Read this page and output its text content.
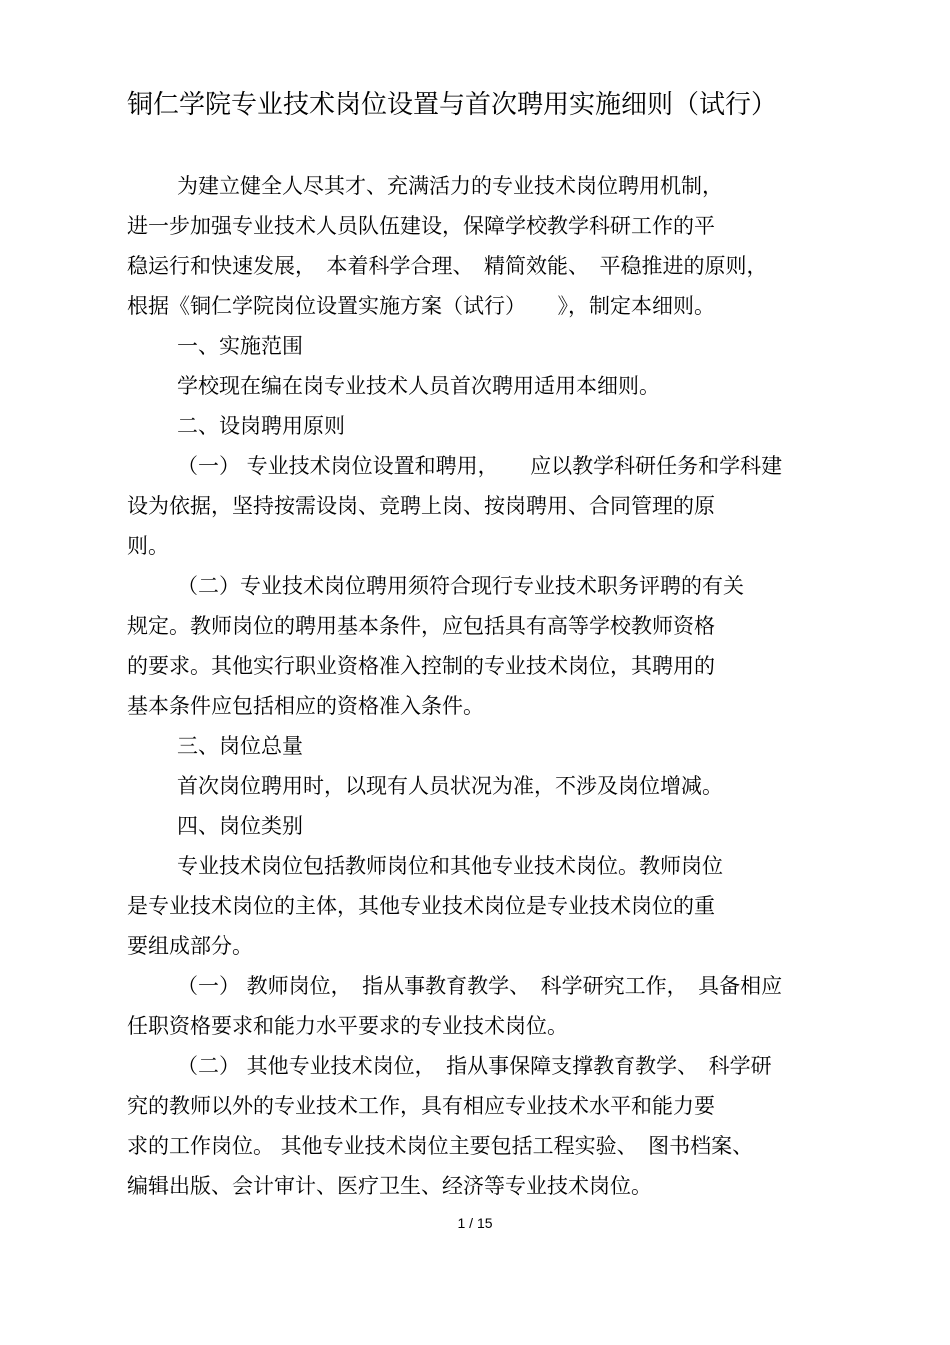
铜仁学院专业技术岗位设置与首次聘用实施细则（试行）
为建立健全人尽其才、充满活力的专业技术岗位聘用机制，
进一步加强专业技术人员队伍建设，保障学校教学科研工作的平
稳运行和快速发展，　本着科学合理、　精简效能、　平稳推进的原则，
根据《铜仁学院岗位设置实施方案（试行）　　》，制定本细则。
一、实施范围
学校现在编在岗专业技术人员首次聘用适用本细则。
二、设岗聘用原则
（一） 专业技术岗位设置和聘用，　　应以教学科研任务和学科建
设为依据，坚持按需设岗、竞聘上岗、按岗聘用、合同管理的原
则。
（二）专业技术岗位聘用须符合现行专业技术职务评聘的有关
规定。教师岗位的聘用基本条件，应包括具有高等学校教师资格
的要求。其他实行职业资格准入控制的专业技术岗位，其聘用的
基本条件应包括相应的资格准入条件。
三、岗位总量
首次岗位聘用时，以现有人员状况为准，不涉及岗位增减。
四、岗位类别
专业技术岗位包括教师岗位和其他专业技术岗位。教师岗位
是专业技术岗位的主体，其他专业技术岗位是专业技术岗位的重
要组成部分。
（一） 教师岗位，　指从事教育教学、　科学研究工作，　具备相应
任职资格要求和能力水平要求的专业技术岗位。
（二） 其他专业技术岗位，　指从事保障支撑教育教学、　科学研
究的教师以外的专业技术工作，具有相应专业技术水平和能力要
求的工作岗位。 其他专业技术岗位主要包括工程实验、　图书档案、
编辑出版、会计审计、医疗卫生、经济等专业技术岗位。
1 / 15
